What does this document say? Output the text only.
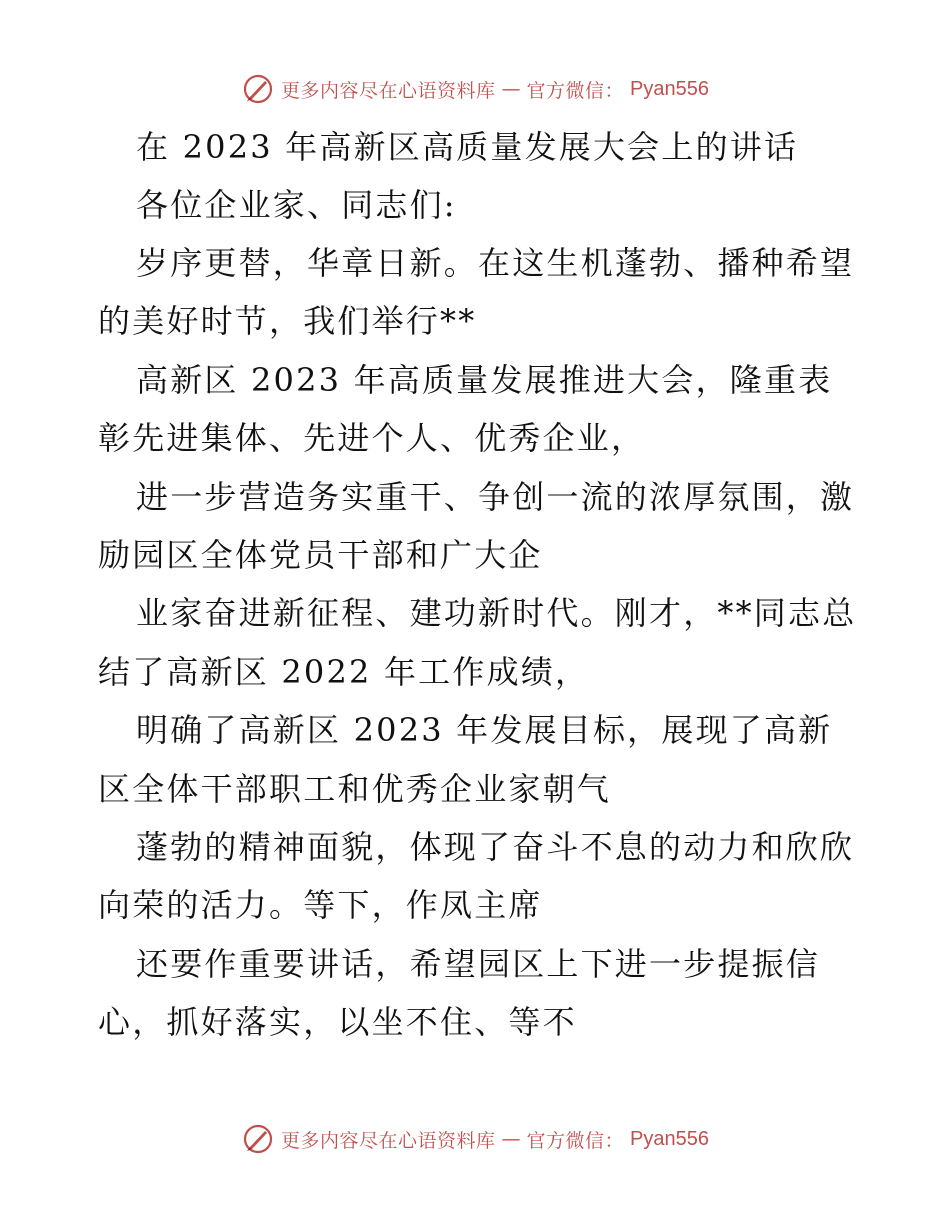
更多内容尽在心语资料库 — 官方微信： Pyan556

在 2023 年高新区高质量发展大会上的讲话

各位企业家、同志们:

岁序更替，华章日新。在这生机蓬勃、播种希望的美好时节，我们举行**

高新区 2023 年高质量发展推进大会，隆重表彰先进集体、先进个人、优秀企业，

进一步营造务实重干、争创一流的浓厚氛围，激励园区全体党员干部和广大企

业家奋进新征程、建功新时代。刚才，**同志总结了高新区 2022 年工作成绩，

明确了高新区 2023 年发展目标，展现了高新区全体干部职工和优秀企业家朝气

蓬勃的精神面貌，体现了奋斗不息的动力和欣欣向荣的活力。等下，作凤主席

还要作重要讲话，希望园区上下进一步提振信心，抓好落实，以坐不住、等不

更多内容尽在心语资料库 — 官方微信： Pyan556
